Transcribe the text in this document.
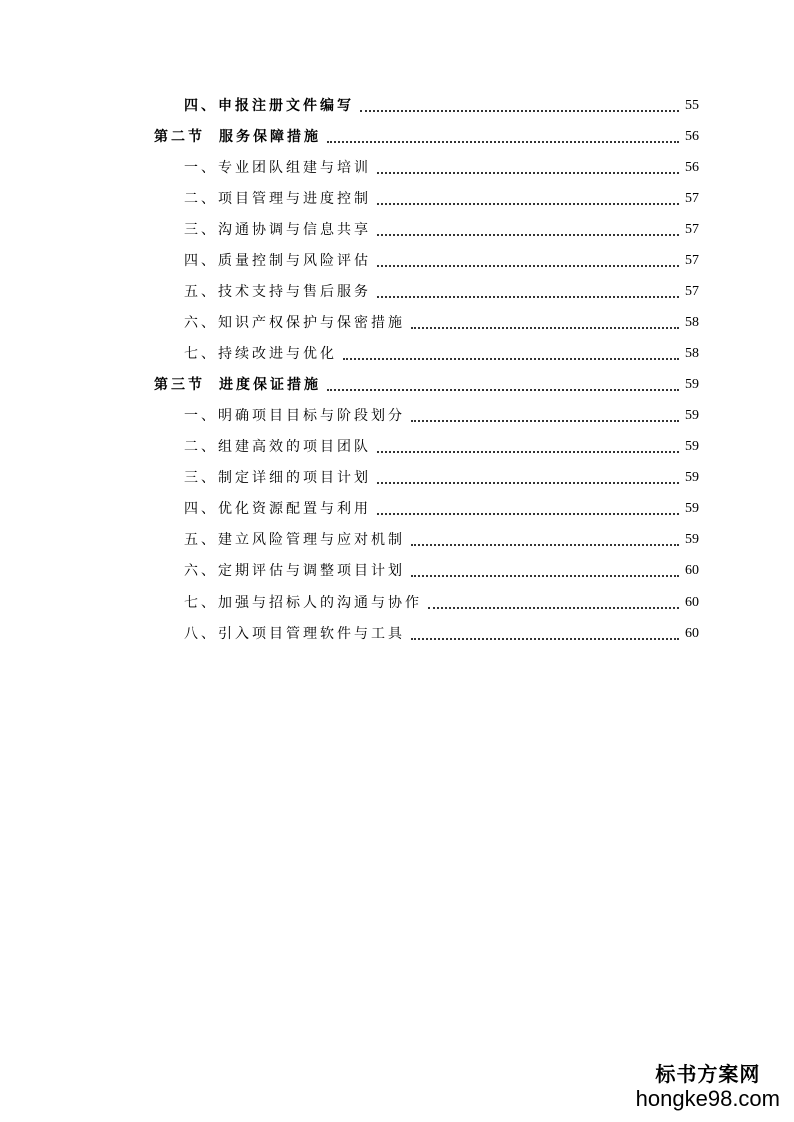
四、申报注册文件编写	55
第二节 服务保障措施	56
一、专业团队组建与培训	56
二、项目管理与进度控制	57
三、沟通协调与信息共享	57
四、质量控制与风险评估	57
五、技术支持与售后服务	57
六、知识产权保护与保密措施	58
七、持续改进与优化	58
第三节 进度保证措施	59
一、明确项目目标与阶段划分	59
二、组建高效的项目团队	59
三、制定详细的项目计划	59
四、优化资源配置与利用	59
五、建立风险管理与应对机制	59
六、定期评估与调整项目计划	60
七、加强与招标人的沟通与协作	60
八、引入项目管理软件与工具	60
标书方案网
hongke98.com
